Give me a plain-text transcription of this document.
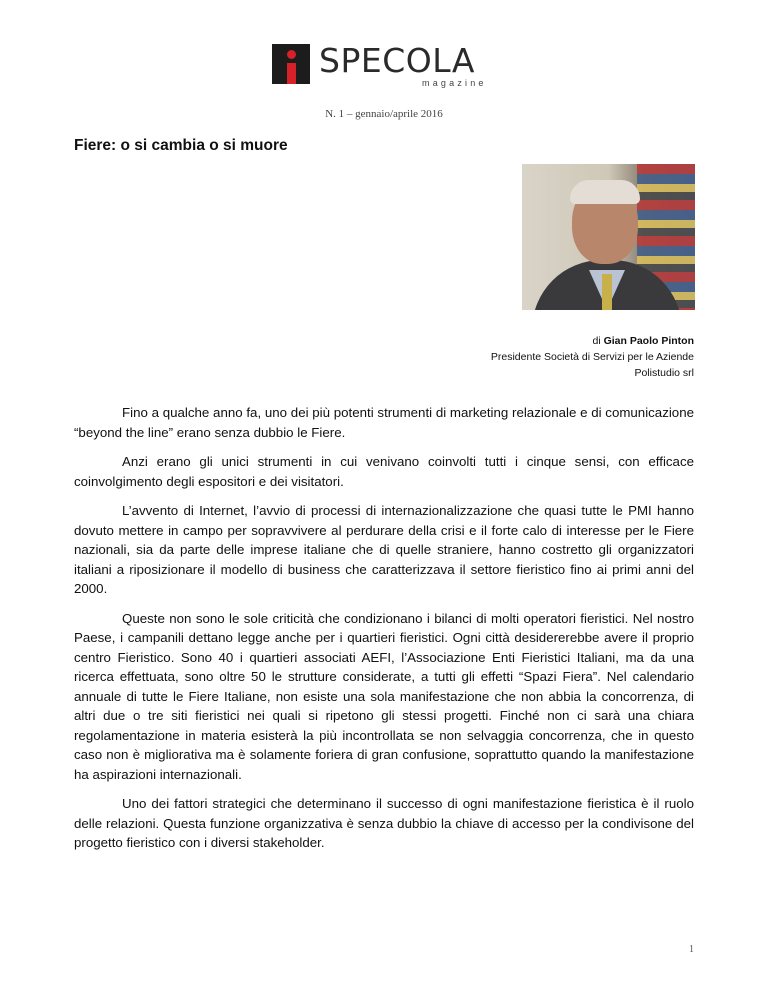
SPECOLA
magazine
N. 1 – gennaio/aprile 2016
Fiere: o si cambia o si muore
di Gian Paolo Pinton
Presidente Società di Servizi per le Aziende
Polistudio srl

Fino a qualche anno fa, uno dei più potenti strumenti di marketing relazionale e di comunicazione “beyond the line” erano senza dubbio le Fiere.

Anzi erano gli unici strumenti in cui venivano coinvolti tutti i cinque sensi, con efficace coinvolgimento degli espositori e dei visitatori.

L’avvento di Internet, l’avvio di processi di internazionalizzazione che quasi tutte le PMI hanno dovuto mettere in campo per sopravvivere al perdurare della crisi e il forte calo di interesse per le Fiere nazionali, sia da parte delle imprese italiane che di quelle straniere, hanno costretto gli organizzatori italiani a riposizionare il modello di business che caratterizzava il settore fieristico fino ai primi anni del 2000.

Queste non sono le sole criticità che condizionano i bilanci di molti operatori fieristici. Nel nostro Paese, i campanili dettano legge anche per i quartieri fieristici. Ogni città desidererebbe avere il proprio centro Fieristico. Sono 40 i quartieri associati AEFI, l’Associazione Enti Fieristici Italiani, ma da una ricerca effettuata, sono oltre 50 le strutture considerate, a tutti gli effetti “Spazi Fiera”. Nel calendario annuale di tutte le Fiere Italiane, non esiste una sola manifestazione che non abbia la concorrenza, di altri due o tre siti fieristici nei quali si ripetono gli stessi progetti. Finché non ci sarà una chiara regolamentazione in materia esisterà la più incontrollata se non selvaggia concorrenza, che in questo caso non è migliorativa ma è solamente foriera di gran confusione, soprattutto quando la manifestazione ha aspirazioni internazionali.

Uno dei fattori strategici che determinano il successo di ogni manifestazione fieristica è il ruolo delle relazioni. Questa funzione organizzativa è senza dubbio la chiave di accesso per la condivisone del progetto fieristico con i diversi stakeholder.

1
